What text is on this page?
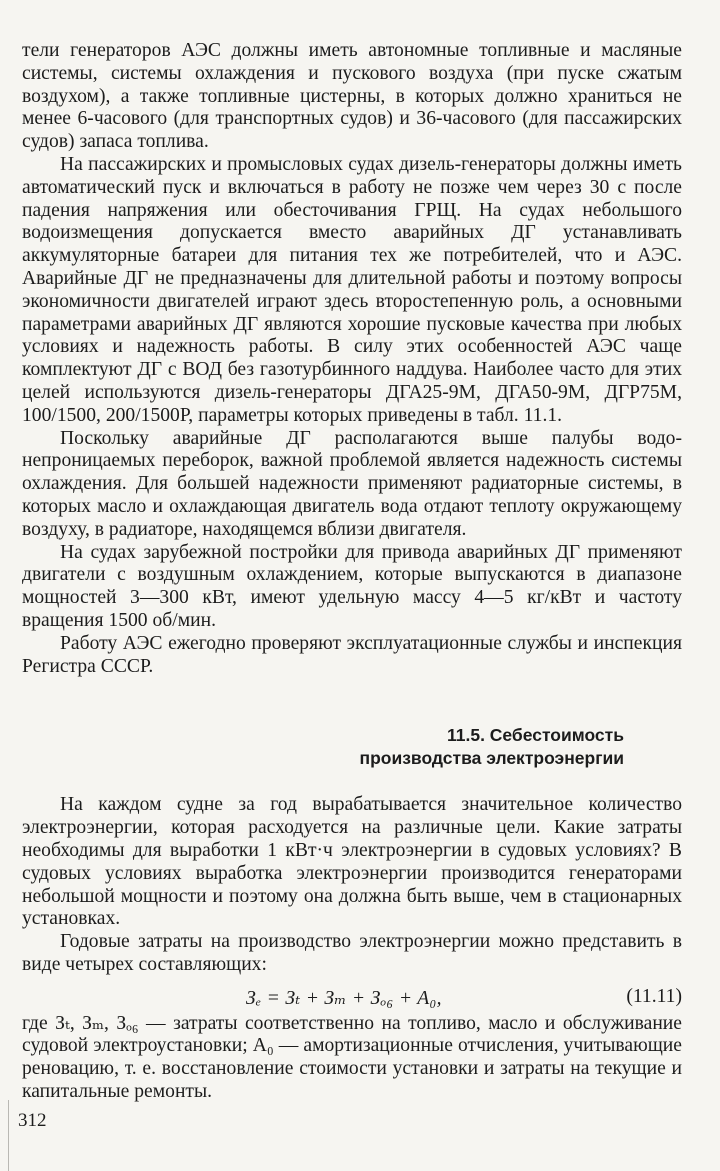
тели генераторов АЭС должны иметь автономные топливные и масляные системы, системы охлаждения и пускового воздуха (при пуске сжатым воздухом), а также топливные цистерны, в которых должно храниться не менее 6-часового (для транспортных судов) и 36-часового (для пассажирских судов) запаса топлива.

На пассажирских и промысловых судах дизель-генераторы должны иметь автоматический пуск и включаться в работу не позже чем через 30 с после падения напряжения или обесточивания ГРЩ. На судах небольшого водоизмещения допускается вместо аварийных ДГ устанавливать аккумуляторные батареи для питания тех же потребителей, что и АЭС. Аварийные ДГ не предназначены для длительной работы и поэтому вопросы экономичности двигателей играют здесь второстепенную роль, а основными параметрами аварийных ДГ являются хорошие пусковые качества при любых условиях и надежность работы. В силу этих особенностей АЭС чаще комплектуют ДГ с ВОД без газотурбинного наддува. Наиболее часто для этих целей используются дизель-генераторы ДГА25-9М, ДГА50-9М, ДГР75М, 100/1500, 200/1500Р, параметры которых приведены в табл. 11.1.

Поскольку аварийные ДГ располагаются выше палубы водонепроницаемых переборок, важной проблемой является надежность системы охлаждения. Для большей надежности применяют радиаторные системы, в которых масло и охлаждающая двигатель вода отдают теплоту окружающему воздуху, в радиаторе, находящемся вблизи двигателя.

На судах зарубежной постройки для привода аварийных ДГ применяют двигатели с воздушным охлаждением, которые выпускаются в диапазоне мощностей 3—300 кВт, имеют удельную массу 4—5 кг/кВт и частоту вращения 1500 об/мин.

Работу АЭС ежегодно проверяют эксплуатационные службы и инспекция Регистра СССР.

11.5. Себестоимость
производства электроэнергии

На каждом судне за год вырабатывается значительное количество электроэнергии, которая расходуется на различные цели. Какие затраты необходимы для выработки 1 кВт·ч электроэнергии в судовых условиях? В судовых условиях выработка электроэнергии производится генераторами небольшой мощности и поэтому она должна быть выше, чем в стационарных установках.

Годовые затраты на производство электроэнергии можно представить в виде четырех составляющих:

Зₑ = Зₜ + Зₘ + Зₒ₆ + A₀,	(11.11)

где Зₜ, Зₘ, Зₒ₆ — затраты соответственно на топливо, масло и обслуживание судовой электроустановки; A₀ — амортизационные отчисления, учитывающие реновацию, т. е. восстановление стоимости установки и затраты на текущие и капитальные ремонты.

312
